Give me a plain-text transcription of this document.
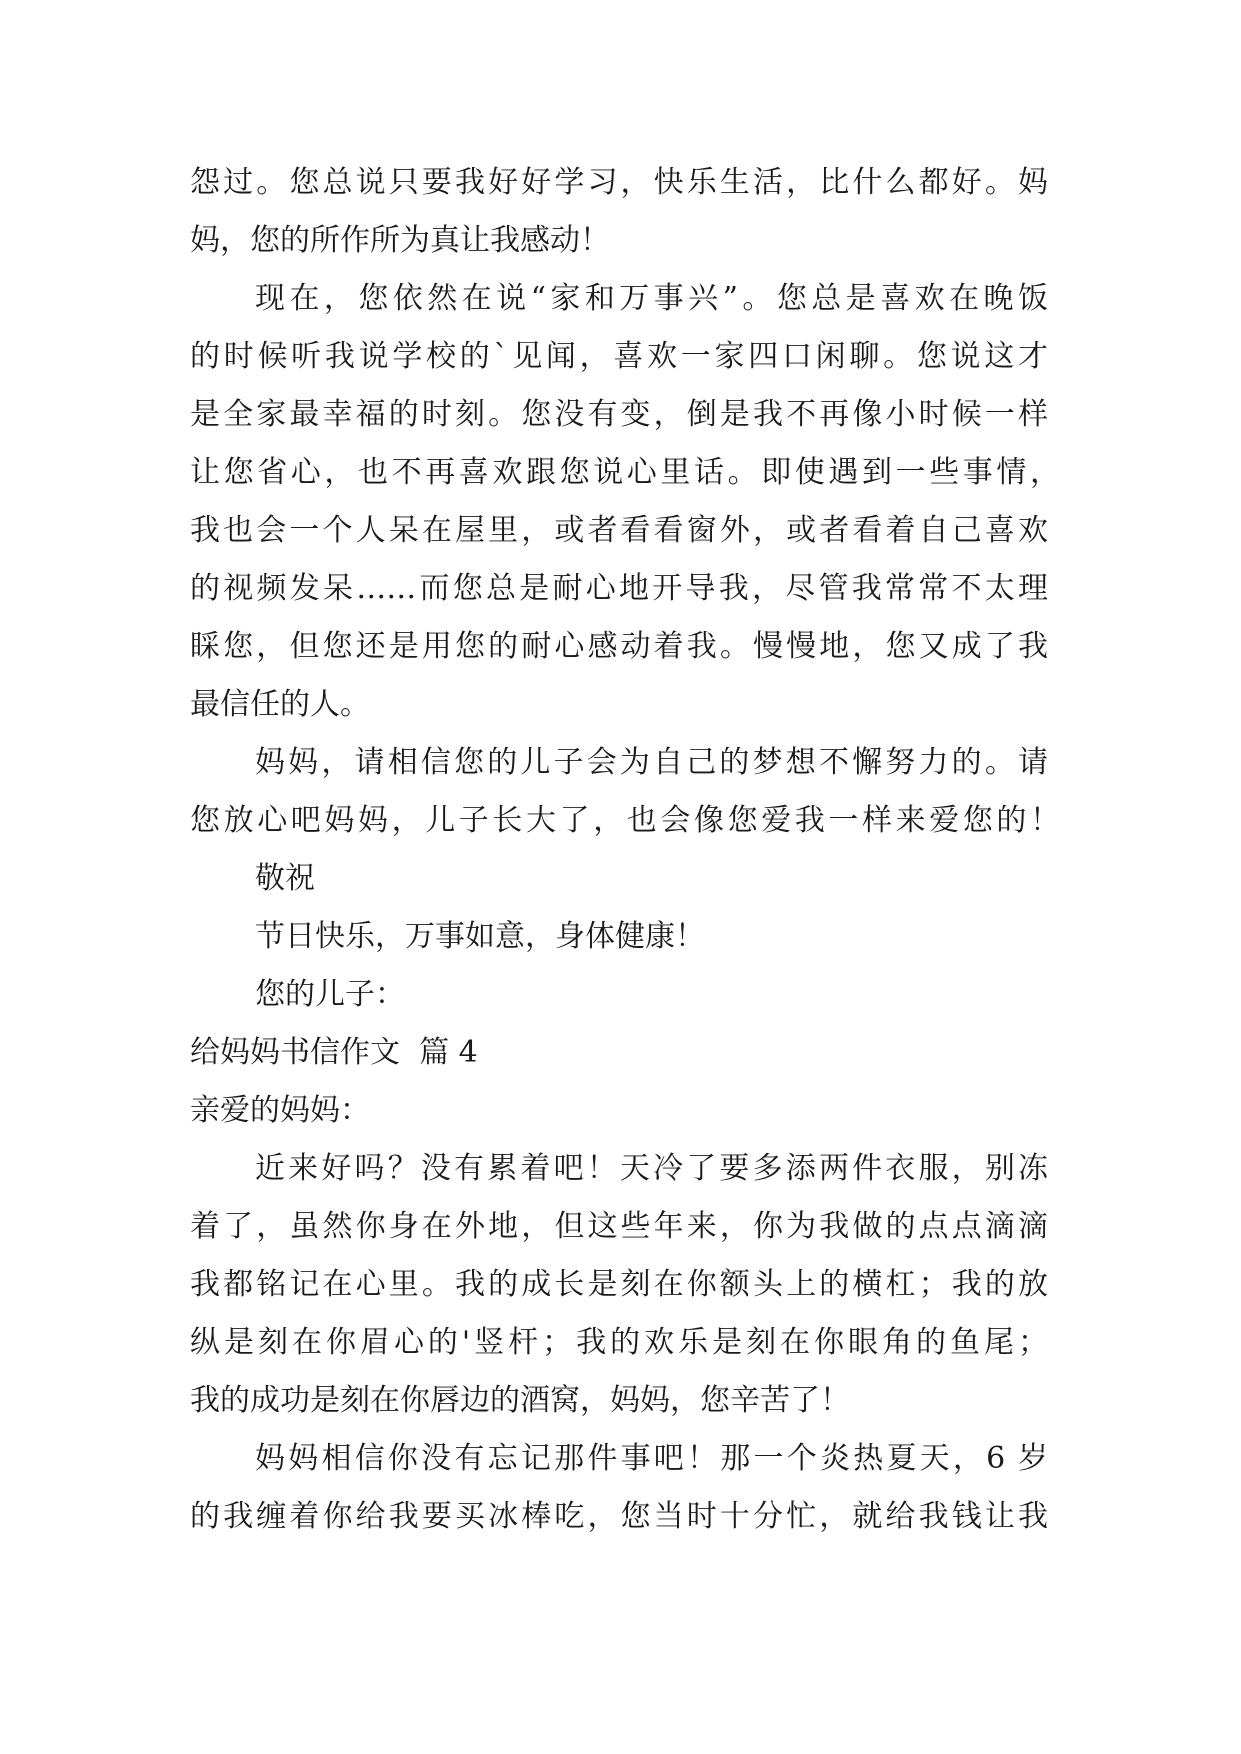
怨过。您总说只要我好好学习，快乐生活，比什么都好。妈

妈，您的所作所为真让我感动！

现在，您依然在说“家和万事兴”。您总是喜欢在晚饭

的时候听我说学校的`见闻，喜欢一家四口闲聊。您说这才

是全家最幸福的时刻。您没有变，倒是我不再像小时候一样

让您省心，也不再喜欢跟您说心里话。即使遇到一些事情，

我也会一个人呆在屋里，或者看看窗外，或者看着自己喜欢

的视频发呆……而您总是耐心地开导我，尽管我常常不太理

睬您，但您还是用您的耐心感动着我。慢慢地，您又成了我

最信任的人。

妈妈，请相信您的儿子会为自己的梦想不懈努力的。请

您放心吧妈妈，儿子长大了，也会像您爱我一样来爱您的！

敬祝

节日快乐，万事如意，身体健康！

您的儿子：

给妈妈书信作文  篇 4

亲爱的妈妈：

近来好吗？没有累着吧！天冷了要多添两件衣服，别冻

着了，虽然你身在外地，但这些年来，你为我做的点点滴滴

我都铭记在心里。我的成长是刻在你额头上的横杠；我的放

纵是刻在你眉心的'竖杆；我的欢乐是刻在你眼角的鱼尾；

我的成功是刻在你唇边的酒窝，妈妈，您辛苦了！

妈妈相信你没有忘记那件事吧！那一个炎热夏天，6 岁

的我缠着你给我要买冰棒吃，您当时十分忙，就给我钱让我
